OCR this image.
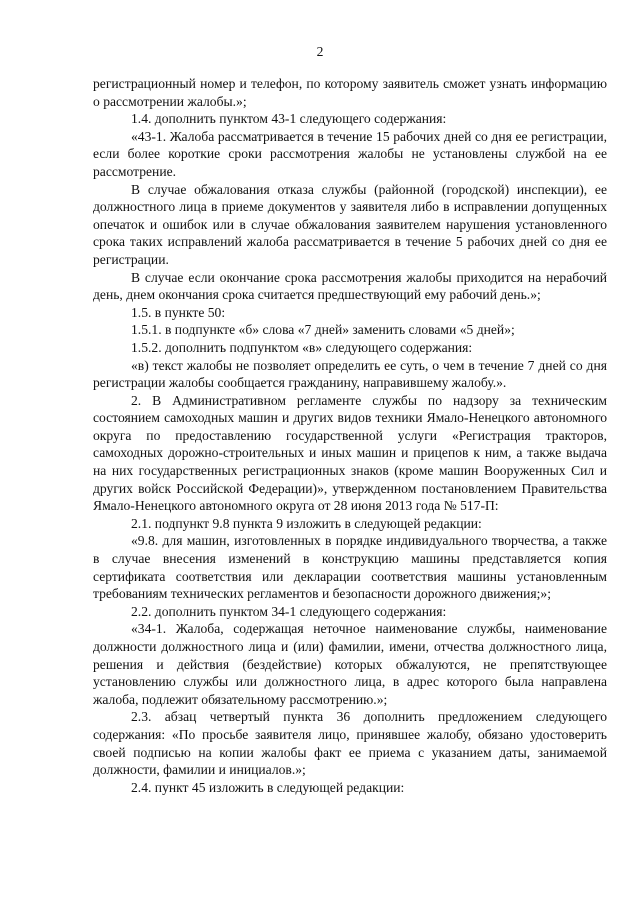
2

регистрационный номер и телефон, по которому заявитель сможет узнать информацию о рассмотрении жалобы.»;

1.4. дополнить пунктом 43-1 следующего содержания:

«43-1. Жалоба рассматривается в течение 15 рабочих дней со дня ее регистрации, если более короткие сроки рассмотрения жалобы не установлены службой на ее рассмотрение.

В случае обжалования отказа службы (районной (городской) инспекции), ее должностного лица в приеме документов у заявителя либо в исправлении допущенных опечаток и ошибок или в случае обжалования заявителем нарушения установленного срока таких исправлений жалоба рассматривается в течение 5 рабочих дней со дня ее регистрации.

В случае если окончание срока рассмотрения жалобы приходится на нерабочий день, днем окончания срока считается предшествующий ему рабочий день.»;

1.5. в пункте 50:

1.5.1. в подпункте «б» слова «7 дней» заменить словами «5 дней»;

1.5.2. дополнить подпунктом «в» следующего содержания:

«в) текст жалобы не позволяет определить ее суть, о чем в течение 7 дней со дня регистрации жалобы сообщается гражданину, направившему жалобу.».

2. В Административном регламенте службы по надзору за техническим состоянием самоходных машин и других видов техники Ямало-Ненецкого автономного округа по предоставлению государственной услуги «Регистрация тракторов, самоходных дорожно-строительных и иных машин и прицепов к ним, а также выдача на них государственных регистрационных знаков (кроме машин Вооруженных Сил и других войск Российской Федерации)», утвержденном постановлением Правительства Ямало-Ненецкого автономного округа от 28 июня 2013 года № 517-П:

2.1. подпункт 9.8 пункта 9 изложить в следующей редакции:

«9.8. для машин, изготовленных в порядке индивидуального творчества, а также в случае внесения изменений в конструкцию машины представляется копия сертификата соответствия или декларации соответствия машины установленным требованиям технических регламентов и безопасности дорожного движения;»;

2.2. дополнить пунктом 34-1 следующего содержания:

«34-1. Жалоба, содержащая неточное наименование службы, наименование должности должностного лица и (или) фамилии, имени, отчества должностного лица, решения и действия (бездействие) которых обжалуются, не препятствующее установлению службы или должностного лица, в адрес которого была направлена жалоба, подлежит обязательному рассмотрению.»;

2.3. абзац четвертый пункта 36 дополнить предложением следующего содержания: «По просьбе заявителя лицо, принявшее жалобу, обязано удостоверить своей подписью на копии жалобы факт ее приема с указанием даты, занимаемой должности, фамилии и инициалов.»;

2.4. пункт 45 изложить в следующей редакции:
